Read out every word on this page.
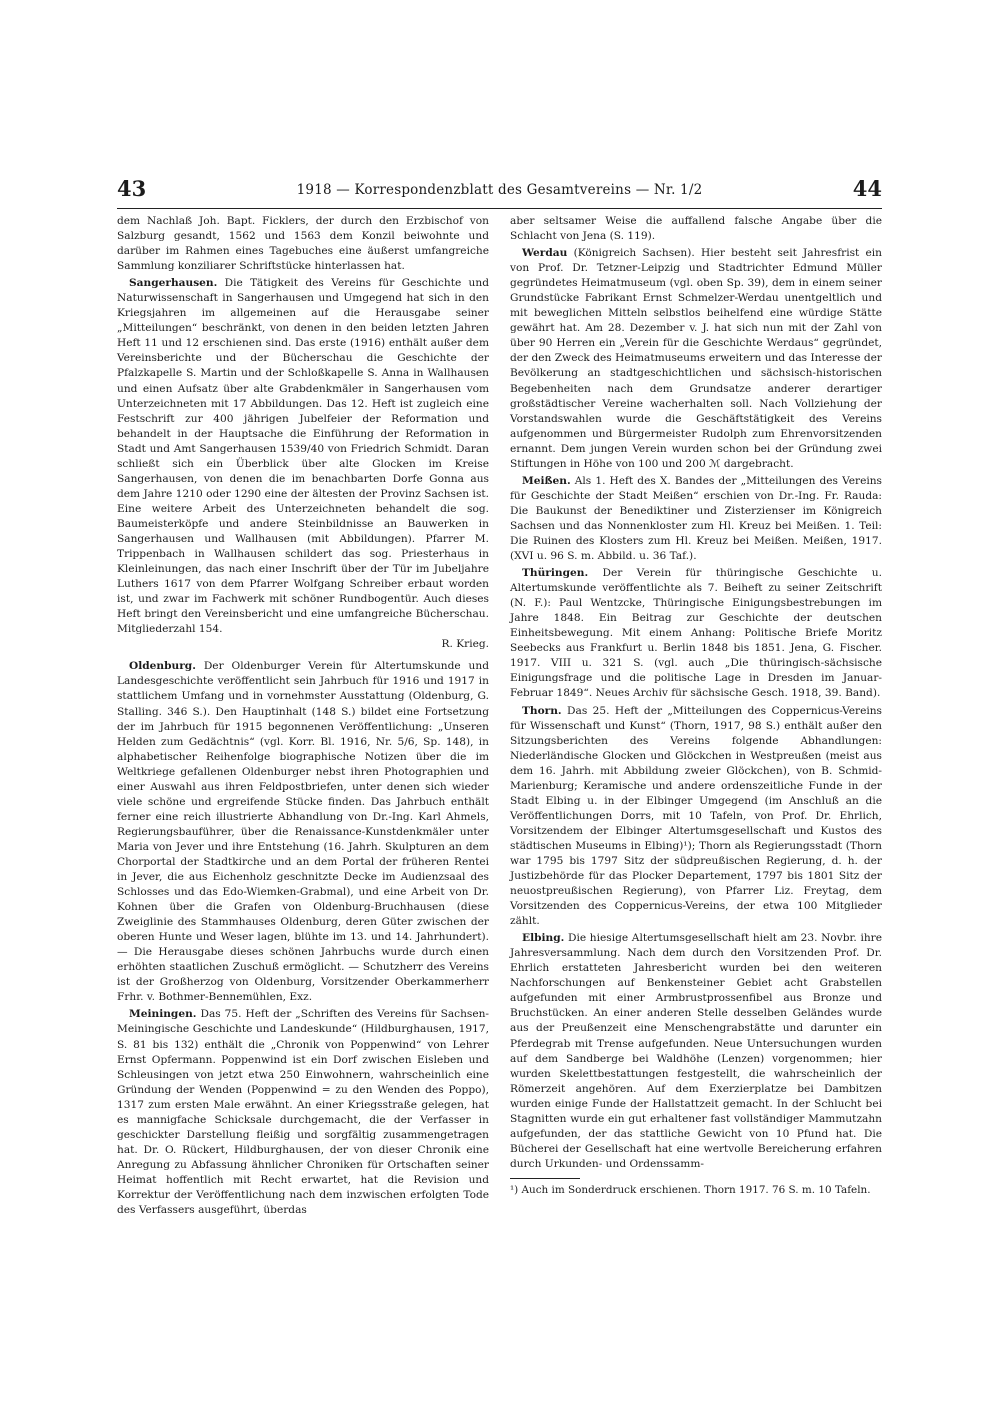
43	1918 — Korrespondenzblatt des Gesamtvereins — Nr. 1/2	44

dem Nachlaß Joh. Bapt. Ficklers, der durch den Erzbischof von Salzburg gesandt, 1562 und 1563 dem Konzil beiwohnte und darüber im Rahmen eines Tagebuches eine äußerst umfangreiche Sammlung konziliarer Schriftstücke hinterlassen hat.

Sangerhausen. Die Tätigkeit des Vereins für Geschichte und Naturwissenschaft in Sangerhausen und Umgegend hat sich in den Kriegsjahren im allgemeinen auf die Herausgabe seiner „Mitteilungen“ beschränkt, von denen in den beiden letzten Jahren Heft 11 und 12 erschienen sind. Das erste (1916) enthält außer dem Vereinsberichte und der Bücherschau die Geschichte der Pfalzkapelle S. Martin und der Schloßkapelle S. Anna in Wallhausen und einen Aufsatz über alte Grabdenkmäler in Sangerhausen vom Unterzeichneten mit 17 Abbildungen. Das 12. Heft ist zugleich eine Festschrift zur 400 jährigen Jubelfeier der Reformation und behandelt in der Hauptsache die Einführung der Reformation in Stadt und Amt Sangerhausen 1539/40 von Friedrich Schmidt. Daran schließt sich ein Überblick über alte Glocken im Kreise Sangerhausen, von denen die im benachbarten Dorfe Gonna aus dem Jahre 1210 oder 1290 eine der ältesten der Provinz Sachsen ist. Eine weitere Arbeit des Unterzeichneten behandelt die sog. Baumeisterköpfe und andere Steinbildnisse an Bauwerken in Sangerhausen und Wallhausen (mit Abbildungen). Pfarrer M. Trippenbach in Wallhausen schildert das sog. Priesterhaus in Kleinleinungen, das nach einer Inschrift über der Tür im Jubeljahre Luthers 1617 von dem Pfarrer Wolfgang Schreiber erbaut worden ist, und zwar im Fachwerk mit schöner Rundbogentür. Auch dieses Heft bringt den Vereinsbericht und eine umfangreiche Bücherschau. Mitgliederzahl 154.

R. Krieg.

Oldenburg. Der Oldenburger Verein für Altertumskunde und Landesgeschichte veröffentlicht sein Jahrbuch für 1916 und 1917 in stattlichem Umfang und in vornehmster Ausstattung (Oldenburg, G. Stalling. 346 S.). Den Hauptinhalt (148 S.) bildet eine Fortsetzung der im Jahrbuch für 1915 begonnenen Veröffentlichung: „Unseren Helden zum Gedächtnis“ (vgl. Korr. Bl. 1916, Nr. 5/6, Sp. 148), in alphabetischer Reihenfolge biographische Notizen über die im Weltkriege gefallenen Oldenburger nebst ihren Photographien und einer Auswahl aus ihren Feldpostbriefen, unter denen sich wieder viele schöne und ergreifende Stücke finden. Das Jahrbuch enthält ferner eine reich illustrierte Abhandlung von Dr.-Ing. Karl Ahmels, Regierungsbauführer, über die Renaissance-Kunstdenkmäler unter Maria von Jever und ihre Entstehung (16. Jahrh. Skulpturen an dem Chorportal der Stadtkirche und an dem Portal der früheren Rentei in Jever, die aus Eichenholz geschnitzte Decke im Audienzsaal des Schlosses und das Edo-Wiemken-Grabmal), und eine Arbeit von Dr. Kohnen über die Grafen von Oldenburg-Bruchhausen (diese Zweiglinie des Stammhauses Oldenburg, deren Güter zwischen der oberen Hunte und Weser lagen, blühte im 13. und 14. Jahrhundert). — Die Herausgabe dieses schönen Jahrbuchs wurde durch einen erhöhten staatlichen Zuschuß ermöglicht. — Schutzherr des Vereins ist der Großherzog von Oldenburg, Vorsitzender Oberkammerherr Frhr. v. Bothmer-Bennemühlen, Exz.

Meiningen. Das 75. Heft der „Schriften des Vereins für Sachsen-Meiningische Geschichte und Landeskunde“ (Hildburghausen, 1917, S. 81 bis 132) enthält die „Chronik von Poppenwind“ von Lehrer Ernst Opfermann. Poppenwind ist ein Dorf zwischen Eisleben und Schleusingen von jetzt etwa 250 Einwohnern, wahrscheinlich eine Gründung der Wenden (Poppenwind = zu den Wenden des Poppo), 1317 zum ersten Male erwähnt. An einer Kriegsstraße gelegen, hat es mannigfache Schicksale durchgemacht, die der Verfasser in geschickter Darstellung fleißig und sorgfältig zusammengetragen hat. Dr. O. Rückert, Hildburghausen, der von dieser Chronik eine Anregung zu Abfassung ähnlicher Chroniken für Ortschaften seiner Heimat hoffentlich mit Recht erwartet, hat die Revision und Korrektur der Veröffentlichung nach dem inzwischen erfolgten Tode des Verfassers ausgeführt, überdas

aber seltsamer Weise die auffallend falsche Angabe über die Schlacht von Jena (S. 119).

Werdau (Königreich Sachsen). Hier besteht seit Jahresfrist ein von Prof. Dr. Tetzner-Leipzig und Stadtrichter Edmund Müller gegründetes Heimatmuseum (vgl. oben Sp. 39), dem in einem seiner Grundstücke Fabrikant Ernst Schmelzer-Werdau unentgeltlich und mit beweglichen Mitteln selbstlos beihelfend eine würdige Stätte gewährt hat. Am 28. Dezember v. J. hat sich nun mit der Zahl von über 90 Herren ein „Verein für die Geschichte Werdaus“ gegründet, der den Zweck des Heimatmuseums erweitern und das Interesse der Bevölkerung an stadtgeschichtlichen und sächsisch-historischen Begebenheiten nach dem Grundsatze anderer derartiger großstädtischer Vereine wacherhalten soll. Nach Vollziehung der Vorstandswahlen wurde die Geschäftstätigkeit des Vereins aufgenommen und Bürgermeister Rudolph zum Ehrenvorsitzenden ernannt. Dem jungen Verein wurden schon bei der Gründung zwei Stiftungen in Höhe von 100 und 200 ℳ dargebracht.

Meißen. Als 1. Heft des X. Bandes der „Mitteilungen des Vereins für Geschichte der Stadt Meißen“ erschien von Dr.-Ing. Fr. Rauda: Die Baukunst der Benediktiner und Zisterzienser im Königreich Sachsen und das Nonnenkloster zum Hl. Kreuz bei Meißen. 1. Teil: Die Ruinen des Klosters zum Hl. Kreuz bei Meißen. Meißen, 1917. (XVI u. 96 S. m. Abbild. u. 36 Taf.).

Thüringen. Der Verein für thüringische Geschichte u. Altertumskunde veröffentlichte als 7. Beiheft zu seiner Zeitschrift (N. F.): Paul Wentzcke, Thüringische Einigungsbestrebungen im Jahre 1848. Ein Beitrag zur Geschichte der deutschen Einheitsbewegung. Mit einem Anhang: Politische Briefe Moritz Seebecks aus Frankfurt u. Berlin 1848 bis 1851. Jena, G. Fischer. 1917. VIII u. 321 S. (vgl. auch „Die thüringisch-sächsische Einigungsfrage und die politische Lage in Dresden im Januar-Februar 1849“. Neues Archiv für sächsische Gesch. 1918, 39. Band).

Thorn. Das 25. Heft der „Mitteilungen des Coppernicus-Vereins für Wissenschaft und Kunst“ (Thorn, 1917, 98 S.) enthält außer den Sitzungsberichten des Vereins folgende Abhandlungen: Niederländische Glocken und Glöckchen in Westpreußen (meist aus dem 16. Jahrh. mit Abbildung zweier Glöckchen), von B. Schmid-Marienburg; Keramische und andere ordenszeitliche Funde in der Stadt Elbing u. in der Elbinger Umgegend (im Anschluß an die Veröffentlichungen Dorrs, mit 10 Tafeln, von Prof. Dr. Ehrlich, Vorsitzendem der Elbinger Altertumsgesellschaft und Kustos des städtischen Museums in Elbing)¹); Thorn als Regierungsstadt (Thorn war 1795 bis 1797 Sitz der südpreußischen Regierung, d. h. der Justizbehörde für das Plocker Departement, 1797 bis 1801 Sitz der neuostpreußischen Regierung), von Pfarrer Liz. Freytag, dem Vorsitzenden des Coppernicus-Vereins, der etwa 100 Mitglieder zählt.

Elbing. Die hiesige Altertumsgesellschaft hielt am 23. Novbr. ihre Jahresversammlung. Nach dem durch den Vorsitzenden Prof. Dr. Ehrlich erstatteten Jahresbericht wurden bei den weiteren Nachforschungen auf Benkensteiner Gebiet acht Grabstellen aufgefunden mit einer Armbrustprossenfibel aus Bronze und Bruchstücken. An einer anderen Stelle desselben Geländes wurde aus der Preußenzeit eine Menschengrabstätte und darunter ein Pferdegrab mit Trense aufgefunden. Neue Untersuchungen wurden auf dem Sandberge bei Waldhöhe (Lenzen) vorgenommen; hier wurden Skelettbestattungen festgestellt, die wahrscheinlich der Römerzeit angehören. Auf dem Exerzierplatze bei Dambitzen wurden einige Funde der Hallstattzeit gemacht. In der Schlucht bei Stagnitten wurde ein gut erhaltener fast vollständiger Mammutzahn aufgefunden, der das stattliche Gewicht von 10 Pfund hat. Die Bücherei der Gesellschaft hat eine wertvolle Bereicherung erfahren durch Urkunden- und Ordenssamm-

¹) Auch im Sonderdruck erschienen. Thorn 1917. 76 S. m. 10 Tafeln.
